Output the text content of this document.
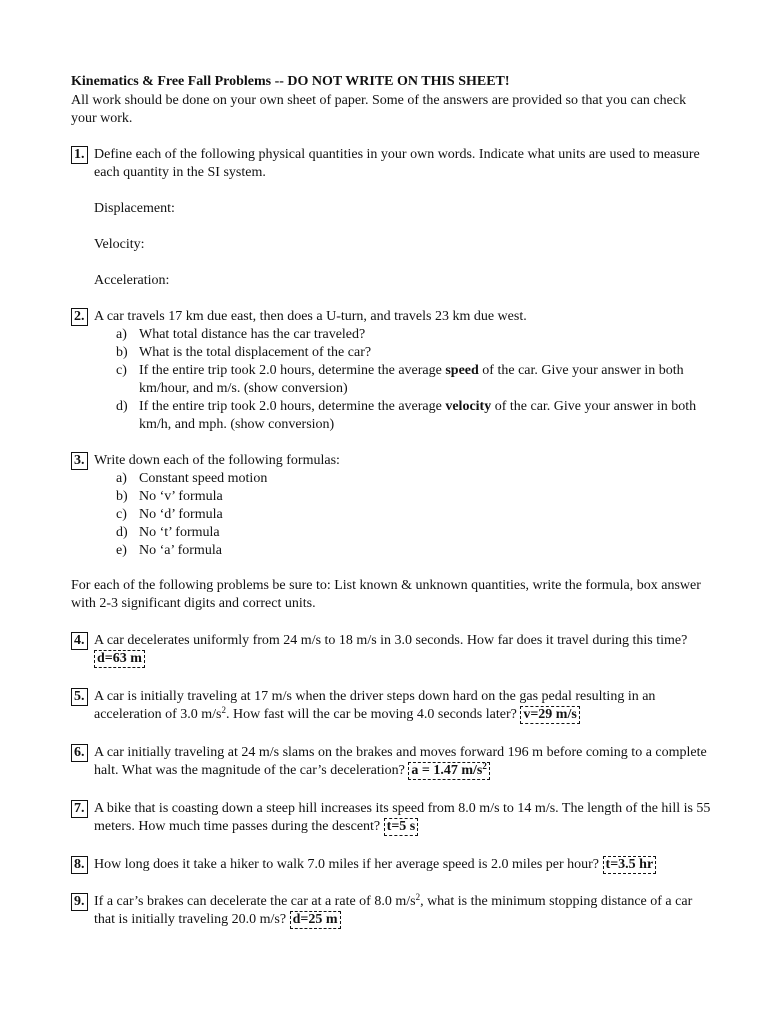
Kinematics & Free Fall Problems -- DO NOT WRITE ON THIS SHEET!
All work should be done on your own sheet of paper. Some of the answers are provided so that you can check your work.
1. Define each of the following physical quantities in your own words. Indicate what units are used to measure each quantity in the SI system.
Displacement:
Velocity:
Acceleration:
2. A car travels 17 km due east, then does a U-turn, and travels 23 km due west.
a) What total distance has the car traveled?
b) What is the total displacement of the car?
c) If the entire trip took 2.0 hours, determine the average speed of the car. Give your answer in both km/hour, and m/s. (show conversion)
d) If the entire trip took 2.0 hours, determine the average velocity of the car. Give your answer in both km/h, and mph. (show conversion)
3. Write down each of the following formulas:
a) Constant speed motion
b) No ‘v’ formula
c) No ‘d’ formula
d) No ‘t’ formula
e) No ‘a’ formula
For each of the following problems be sure to: List known & unknown quantities, write the formula, box answer with 2-3 significant digits and correct units.
4. A car decelerates uniformly from 24 m/s to 18 m/s in 3.0 seconds. How far does it travel during this time? d=63 m
5. A car is initially traveling at 17 m/s when the driver steps down hard on the gas pedal resulting in an acceleration of 3.0 $m/s^2$. How fast will the car be moving 4.0 seconds later? v=29 m/s
6. A car initially traveling at 24 m/s slams on the brakes and moves forward 196 m before coming to a complete halt. What was the magnitude of the car’s deceleration? a = 1.47 $m/s^2$
7. A bike that is coasting down a steep hill increases its speed from 8.0 m/s to 14 m/s. The length of the hill is 55 meters. How much time passes during the descent? t=5 s
8. How long does it take a hiker to walk 7.0 miles if her average speed is 2.0 miles per hour? t=3.5 hr
9. If a car’s brakes can decelerate the car at a rate of 8.0 $m/s^2$, what is the minimum stopping distance of a car that is initially traveling 20.0 m/s? d=25 m
